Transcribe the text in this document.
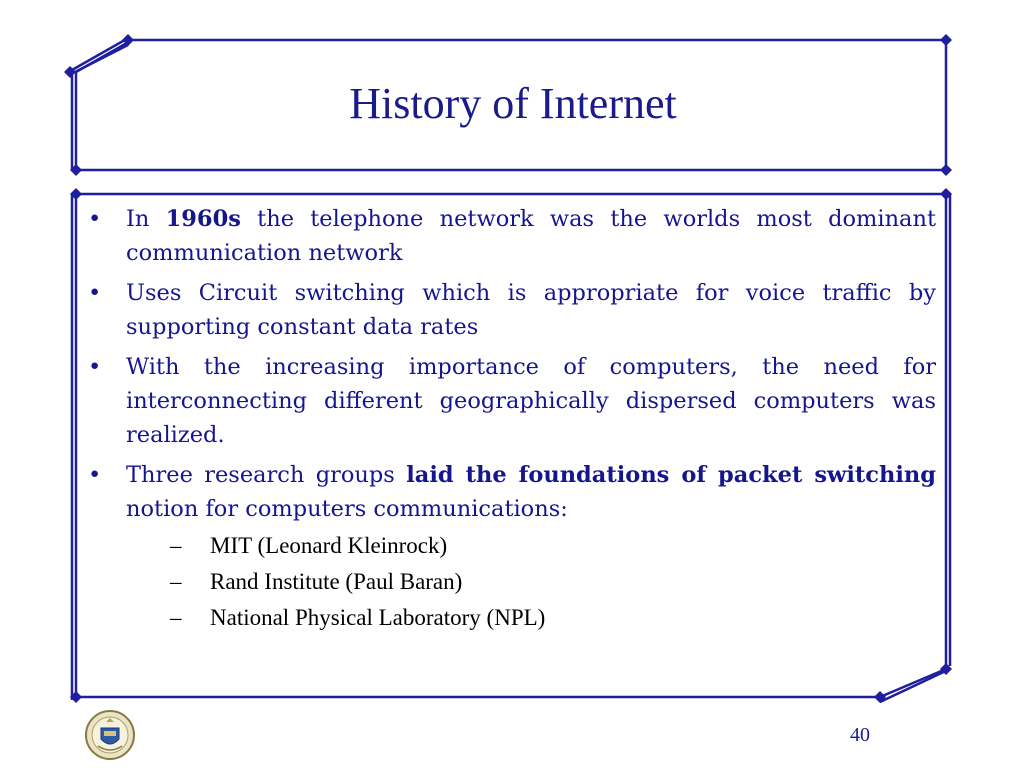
History of Internet
• In 1960s the telephone network was the worlds most dominant communication network
• Uses Circuit switching which is appropriate for voice traffic by supporting constant data rates
• With the increasing importance of computers, the need for interconnecting different geographically dispersed computers was realized.
• Three research groups laid the foundations of packet switching notion for computers communications:
– MIT (Leonard Kleinrock)
– Rand Institute (Paul Baran)
– National Physical Laboratory (NPL)
40
